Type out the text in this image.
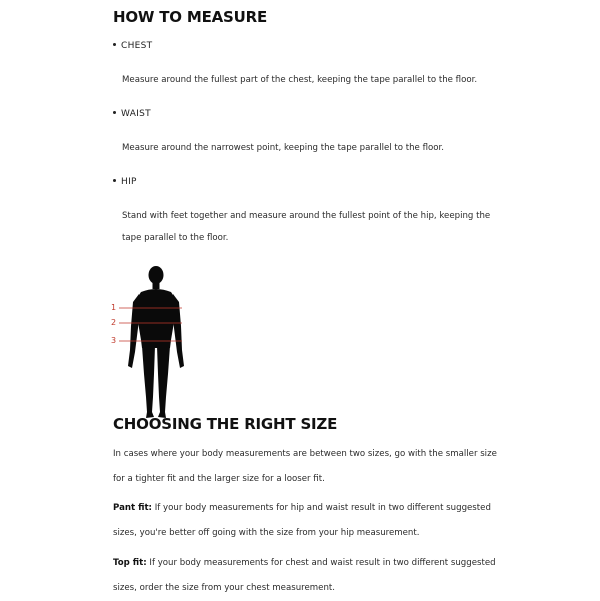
HOW TO MEASURE
CHEST

Measure around the fullest part of the chest, keeping the tape parallel to the floor.

WAIST

Measure around the narrowest point, keeping the tape parallel to the floor.

HIP

Stand with feet together and measure around the fullest point of the hip, keeping the tape parallel to the floor.

1
2
3
CHOOSING THE RIGHT SIZE

In cases where your body measurements are between two sizes, go with the smaller size for a tighter fit and the larger size for a looser fit.

Pant fit: If your body measurements for hip and waist result in two different suggested sizes, you're better off going with the size from your hip measurement.

Top fit: If your body measurements for chest and waist result in two different suggested sizes, order the size from your chest measurement.
